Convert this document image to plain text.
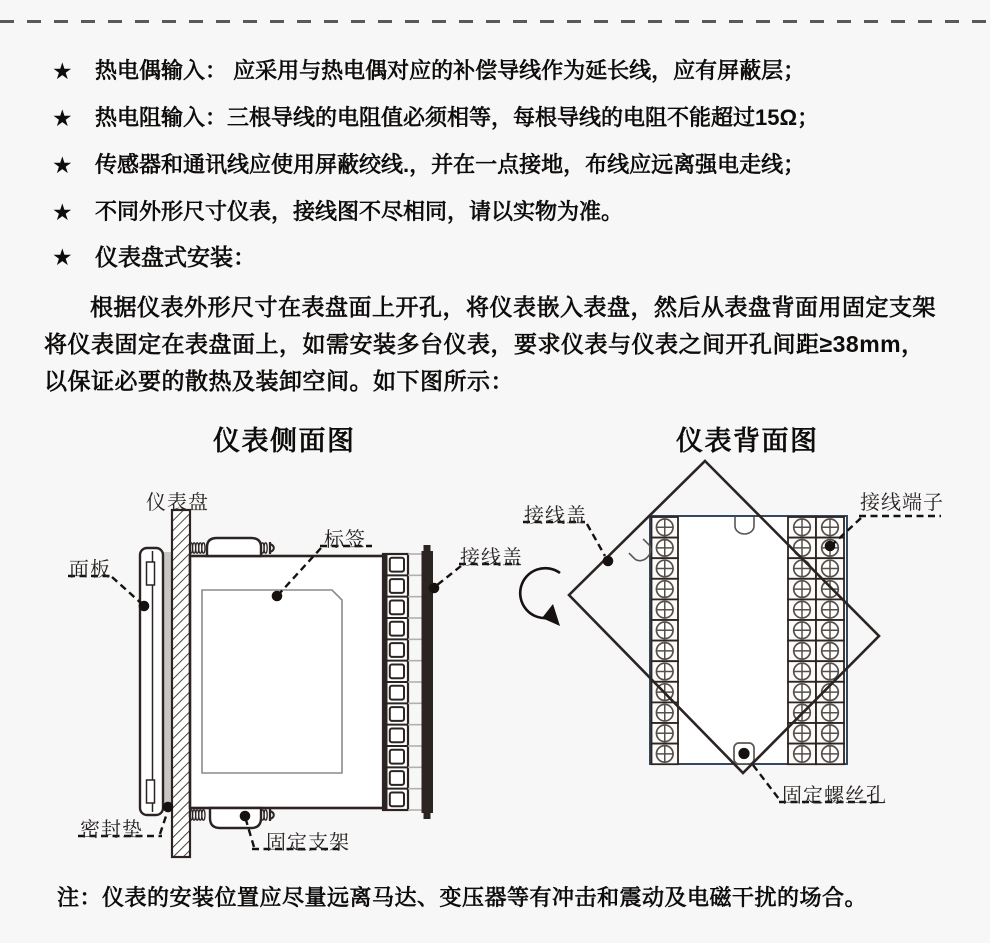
★	热电偶输入： 应采用与热电偶对应的补偿导线作为延长线，应有屏蔽层；
★	热电阻输入：三根导线的电阻值必须相等，每根导线的电阻不能超过15Ω；
★	传感器和通讯线应使用屏蔽绞线.，并在一点接地，布线应远离强电走线；
★	不同外形尺寸仪表，接线图不尽相同，请以实物为准。
★ 仪表盘式安装：

根据仪表外形尺寸在表盘面上开孔，将仪表嵌入表盘，然后从表盘背面用固定支架将仪表固定在表盘面上，如需安装多台仪表，要求仪表与仪表之间开孔间距≥38mm，以保证必要的散热及装卸空间。如下图所示：

仪表侧面图	仪表背面图
仪表盘
面板
标签
接线盖
密封垫
固定支架
接线盖
接线端子
固定螺丝孔

注：仪表的安装位置应尽量远离马达、变压器等有冲击和震动及电磁干扰的场合。
